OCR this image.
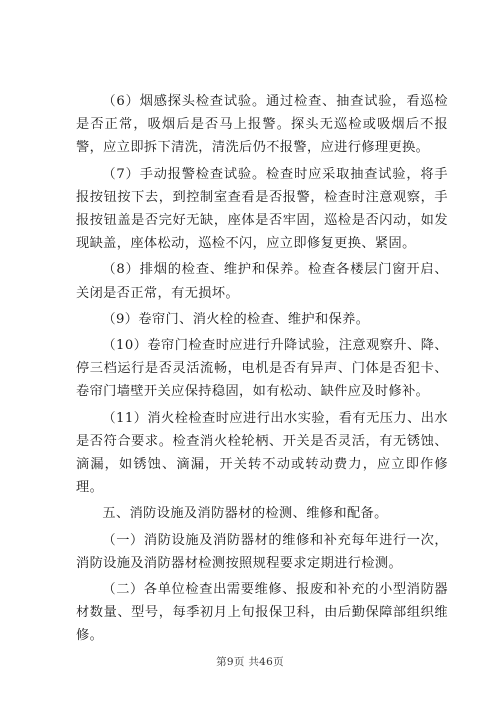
（6）烟感探头检查试验。通过检查、抽查试验，看巡检是否正常，吸烟后是否马上报警。探头无巡检或吸烟后不报警，应立即拆下清洗，清洗后仍不报警，应进行修理更换。

（7）手动报警检查试验。检查时应采取抽查试验，将手报按钮按下去，到控制室查看是否报警，检查时注意观察，手报按钮盖是否完好无缺，座体是否牢固，巡检是否闪动，如发现缺盖，座体松动，巡检不闪，应立即修复更换、紧固。

（8）排烟的检查、维护和保养。检查各楼层门窗开启、关闭是否正常，有无损坏。

（9）卷帘门、消火栓的检查、维护和保养。

（10）卷帘门检查时应进行升降试验，注意观察升、降、停三档运行是否灵活流畅，电机是否有异声、门体是否犯卡、卷帘门墙壁开关应保持稳固，如有松动、缺件应及时修补。

（11）消火栓检查时应进行出水实验，看有无压力、出水是否符合要求。检查消火栓轮柄、开关是否灵活，有无锈蚀、滴漏，如锈蚀、滴漏，开关转不动或转动费力，应立即作修理。

五、消防设施及消防器材的检测、维修和配备。

（一）消防设施及消防器材的维修和补充每年进行一次，消防设施及消防器材检测按照规程要求定期进行检测。

（二）各单位检查出需要维修、报废和补充的小型消防器材数量、型号，每季初月上旬报保卫科，由后勤保障部组织维修。

第9页 共46页
